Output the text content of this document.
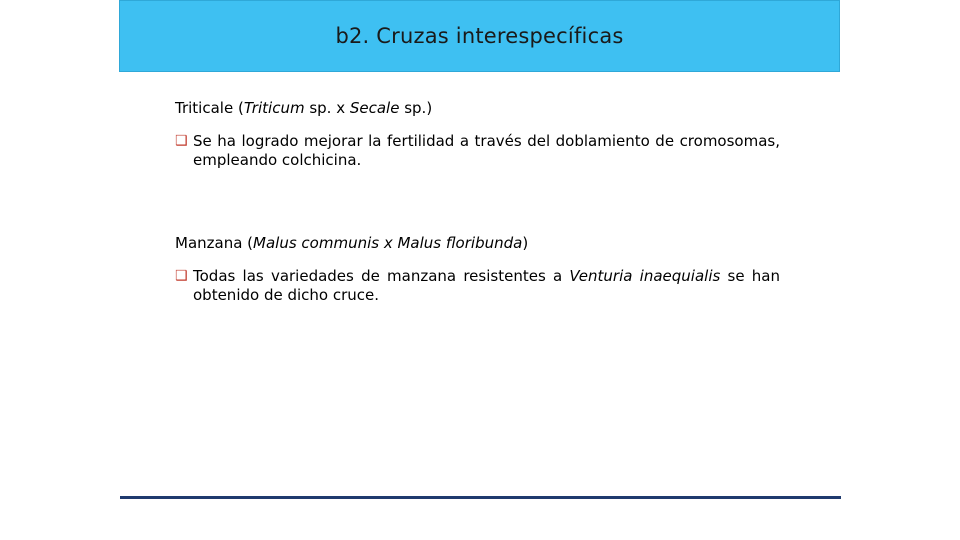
b2. Cruzas interespecíficas
Triticale (Triticum sp. x Secale sp.)
❑ Se ha logrado mejorar la fertilidad a través del doblamiento de cromosomas, empleando colchicina.
Manzana (Malus communis x Malus floribunda)
❑ Todas las variedades de manzana resistentes a Venturia inaequialis se han obtenido de dicho cruce.
